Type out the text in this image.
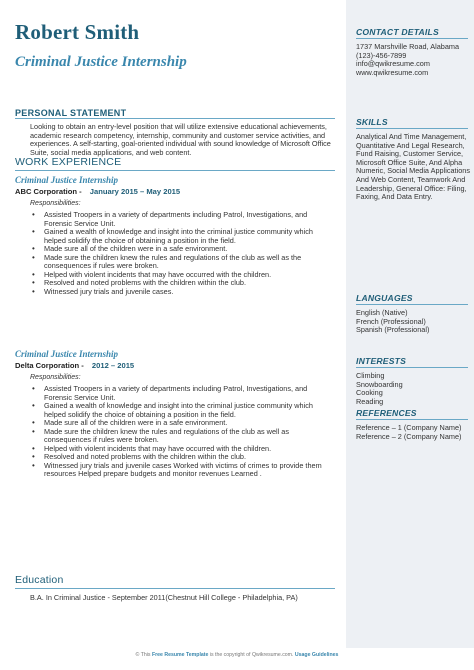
Robert Smith
Criminal Justice Internship
PERSONAL STATEMENT
Looking to obtain an entry-level position that will utilize extensive educational achievements, academic research competency, internship, community and customer service activities, and experiences. A self-starting, goal-oriented individual with sound knowledge of Microsoft Office Suite, social media applications, and web content.
WORK EXPERIENCE
Criminal Justice Internship
ABC Corporation - January 2015 – May 2015
Responsibilities:
• Assisted Troopers in a variety of departments including Patrol, Investigations, and Forensic Service Unit.
• Gained a wealth of knowledge and insight into the criminal justice community which helped solidify the choice of obtaining a position in the field.
• Made sure all of the children were in a safe environment.
• Made sure the children knew the rules and regulations of the club as well as the consequences if rules were broken.
• Helped with violent incidents that may have occurred with the children.
• Resolved and noted problems with the children within the club.
• Witnessed jury trials and juvenile cases.
Criminal Justice Internship
Delta Corporation - 2012 – 2015
Responsibilities:
• Assisted Troopers in a variety of departments including Patrol, Investigations, and Forensic Service Unit.
• Gained a wealth of knowledge and insight into the criminal justice community which helped solidify the choice of obtaining a position in the field.
• Made sure all of the children were in a safe environment.
• Made sure the children knew the rules and regulations of the club as well as consequences if rules were broken.
• Helped with violent incidents that may have occurred with the children.
• Resolved and noted problems with the children within the club.
• Witnessed jury trials and juvenile cases Worked with victims of crimes to provide them resources Helped prepare budgets and monitor revenues Learned .
Education
B.A. In Criminal Justice - September 2011(Chestnut Hill College - Philadelphia, PA)
CONTACT DETAILS
1737 Marshville Road, Alabama
(123)-456-7899
info@qwikresume.com
www.qwikresume.com
SKILLS
Analytical And Time Management, Quantitative And Legal Research, Fund Raising, Customer Service, Microsoft Office Suite, And Alpha Numeric, Social Media Applications And Web Content, Teamwork And Leadership, General Office: Filing, Faxing, And Data Entry.
LANGUAGES
English (Native)
French (Professional)
Spanish (Professional)
INTERESTS
Climbing
Snowboarding
Cooking
Reading
REFERENCES
Reference – 1 (Company Name)
Reference – 2 (Company Name)
© This Free Resume Template is the copyright of Qwikresume.com. Usage Guidelines
